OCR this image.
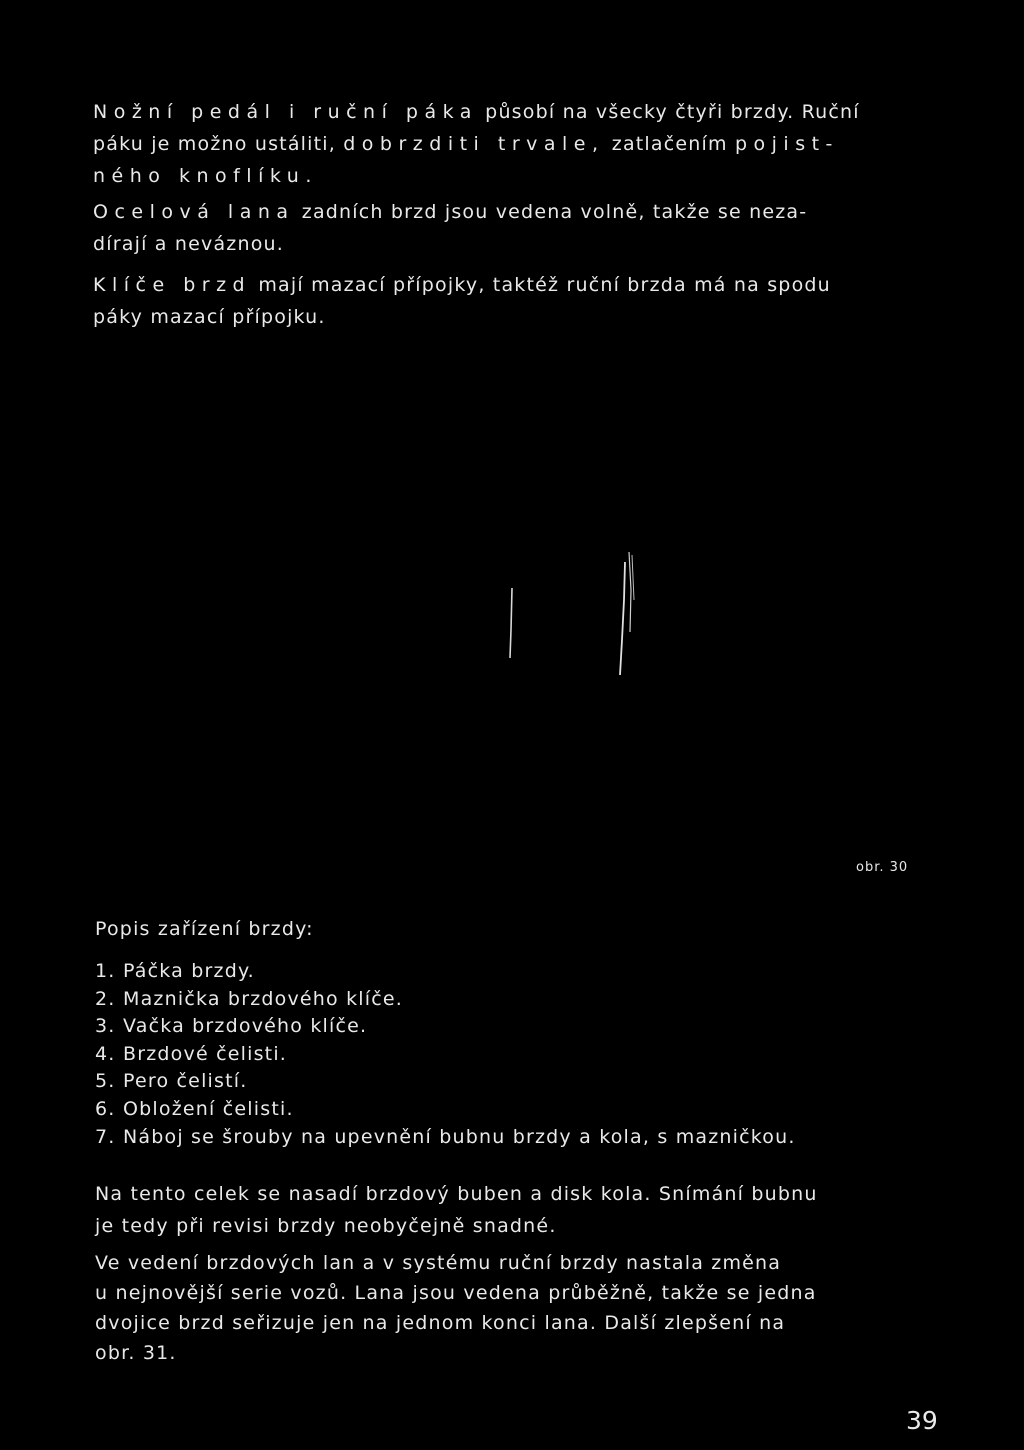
Nožní pedál i ruční páka působí na všecky čtyři brzdy. Ruční
páku je možno ustáliti, dobrzditi trvale, zatlačením pojist-
ného knoflíku.
Ocelová lana zadních brzd jsou vedena volně, takže se neza-
dírají a neváznou.
Klíče brzd mají mazací přípojky, taktéž ruční brzda má na spodu
páky mazací přípojku.
obr. 30
Popis zařízení brzdy:
1. Páčka brzdy.
2. Maznička brzdového klíče.
3. Vačka brzdového klíče.
4. Brzdové čelisti.
5. Pero čelistí.
6. Obložení čelisti.
7. Náboj se šrouby na upevnění bubnu brzdy a kola, s mazničkou.
Na tento celek se nasadí brzdový buben a disk kola. Snímání bubnu
je tedy při revisi brzdy neobyčejně snadné.
Ve vedení brzdových lan a v systému ruční brzdy nastala změna
u nejnovější serie vozů. Lana jsou vedena průběžně, takže se jedna
dvojice brzd seřizuje jen na jednom konci lana. Další zlepšení na
obr. 31.
39
